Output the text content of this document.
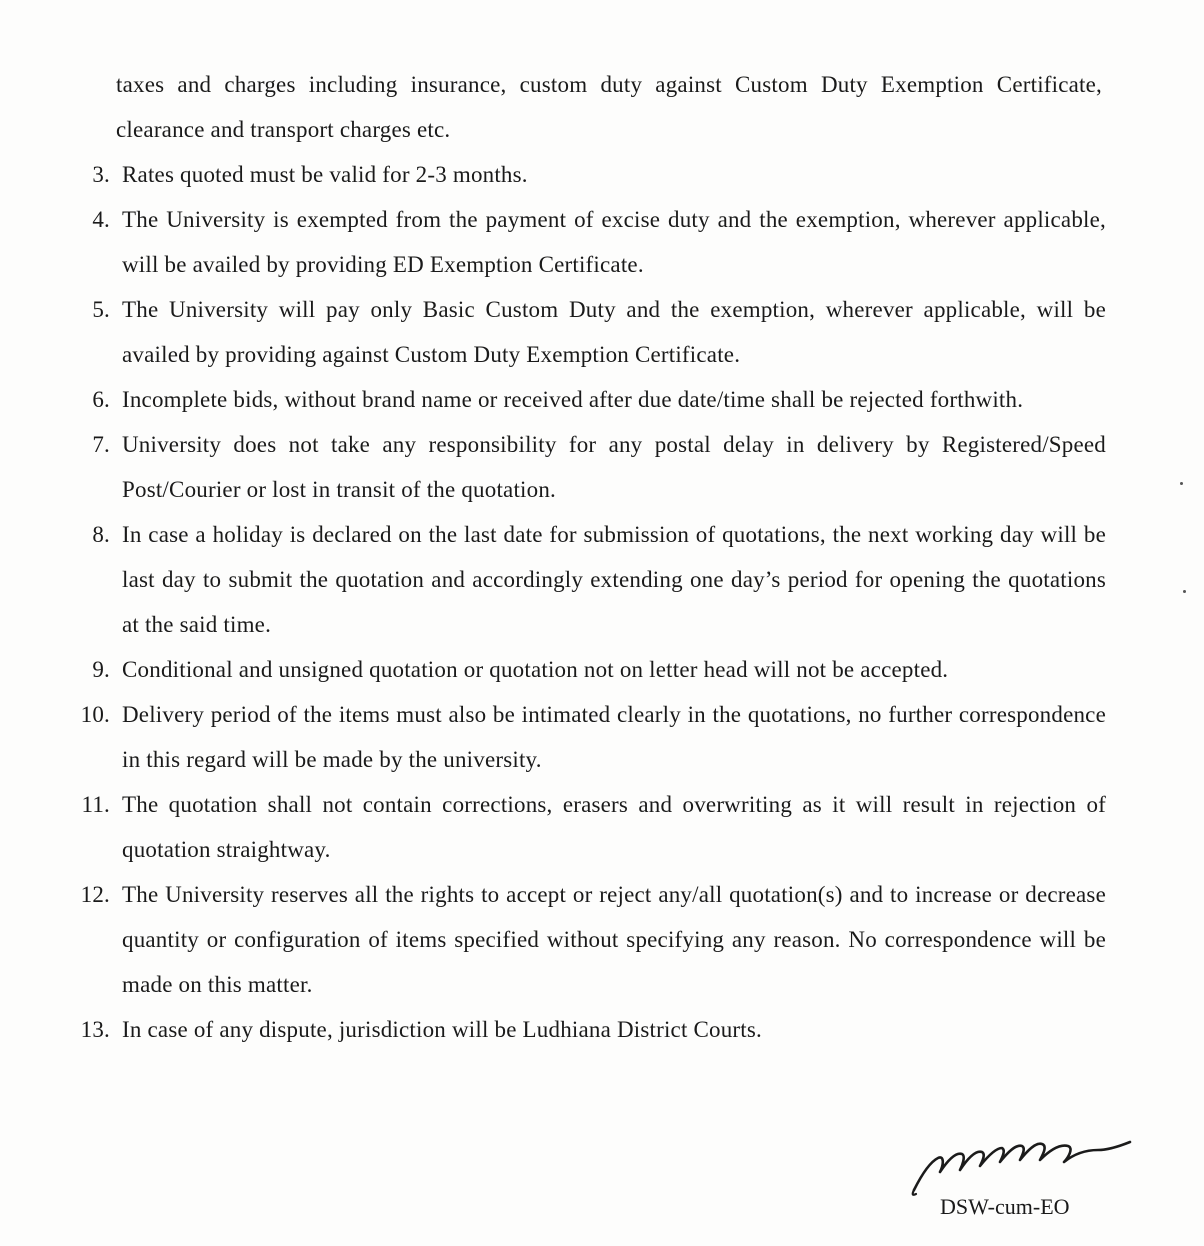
taxes and charges including insurance, custom duty against Custom Duty Exemption Certificate, clearance and transport charges etc.

3. Rates quoted must be valid for 2-3 months.
4. The University is exempted from the payment of excise duty and the exemption, wherever applicable, will be availed by providing ED Exemption Certificate.
5. The University will pay only Basic Custom Duty and the exemption, wherever applicable, will be availed by providing against Custom Duty Exemption Certificate.
6. Incomplete bids, without brand name or received after due date/time shall be rejected forthwith.
7. University does not take any responsibility for any postal delay in delivery by Registered/Speed Post/Courier or lost in transit of the quotation.
8. In case a holiday is declared on the last date for submission of quotations, the next working day will be last day to submit the quotation and accordingly extending one day’s period for opening the quotations at the said time.
9. Conditional and unsigned quotation or quotation not on letter head will not be accepted.
10. Delivery period of the items must also be intimated clearly in the quotations, no further correspondence in this regard will be made by the university.
11. The quotation shall not contain corrections, erasers and overwriting as it will result in rejection of quotation straightway.
12. The University reserves all the rights to accept or reject any/all quotation(s) and to increase or decrease quantity or configuration of items specified without specifying any reason. No correspondence will be made on this matter.
13. In case of any dispute, jurisdiction will be Ludhiana District Courts.
DSW-cum-EO
